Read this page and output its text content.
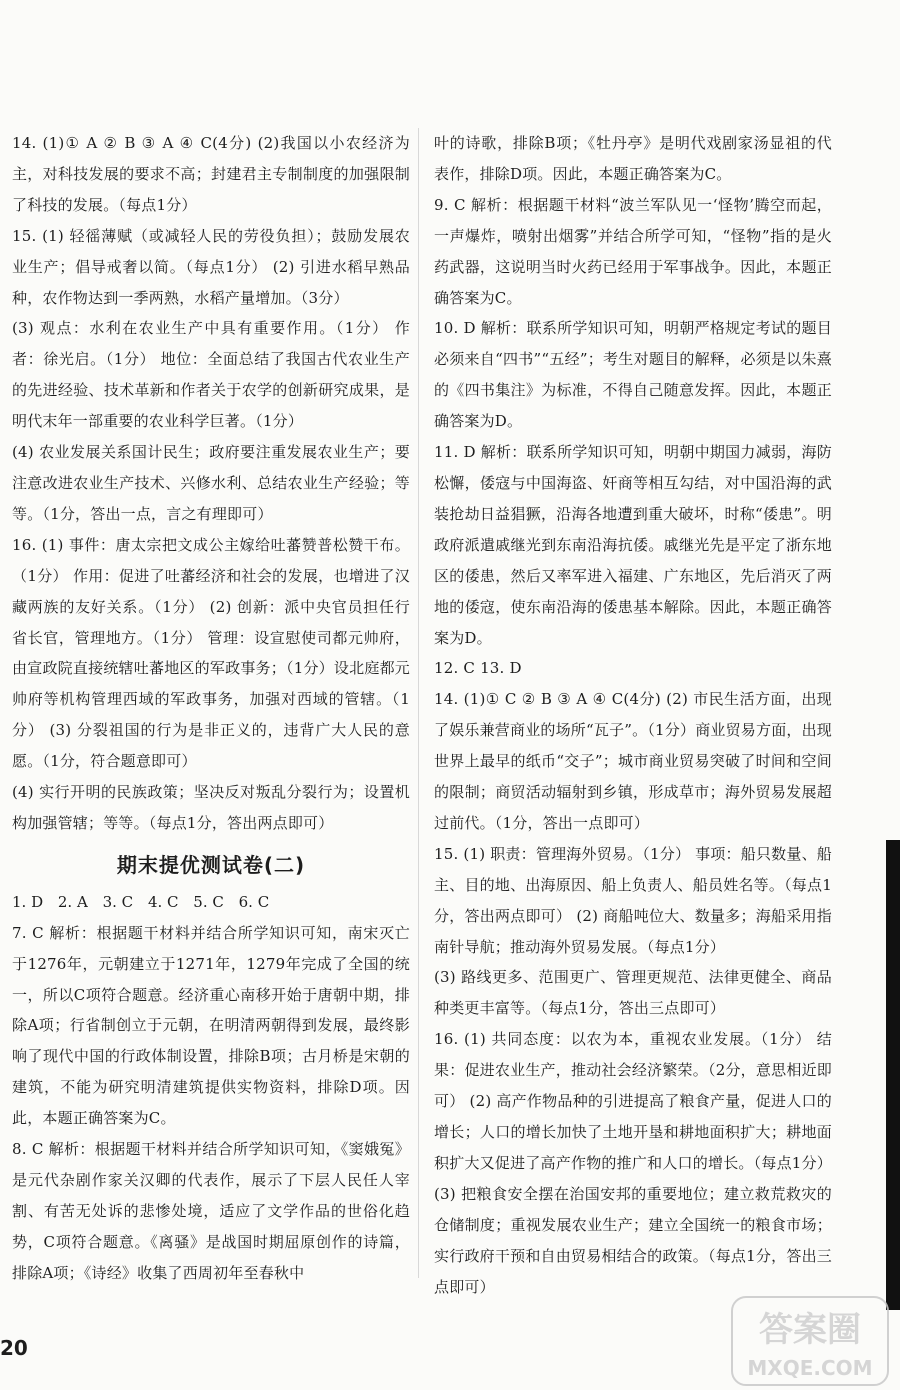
14. (1)① A ② B ③ A ④ C(4分) (2)我国以小农经济为主，对科技发展的要求不高；封建君主专制制度的加强限制了科技的发展。（每点1分）
15. (1) 轻徭薄赋（或减轻人民的劳役负担）；鼓励发展农业生产；倡导戒奢以简。（每点1分） (2) 引进水稻早熟品种，农作物达到一季两熟，水稻产量增加。（3分）
(3) 观点：水利在农业生产中具有重要作用。（1分） 作者：徐光启。（1分） 地位：全面总结了我国古代农业生产的先进经验、技术革新和作者关于农学的创新研究成果，是明代末年一部重要的农业科学巨著。（1分）
(4) 农业发展关系国计民生；政府要注重发展农业生产；要注意改进农业生产技术、兴修水利、总结农业生产经验；等等。（1分，答出一点，言之有理即可）
16. (1) 事件：唐太宗把文成公主嫁给吐蕃赞普松赞干布。（1分） 作用：促进了吐蕃经济和社会的发展，也增进了汉藏两族的友好关系。（1分） (2) 创新：派中央官员担任行省长官，管理地方。（1分） 管理：设宣慰使司都元帅府，由宣政院直接统辖吐蕃地区的军政事务；（1分）设北庭都元帅府等机构管理西域的军政事务，加强对西域的管辖。（1分） (3) 分裂祖国的行为是非正义的，违背广大人民的意愿。（1分，符合题意即可）
(4) 实行开明的民族政策；坚决反对叛乱分裂行为；设置机构加强管辖；等等。（每点1分，答出两点即可）
期末提优测试卷(二)
1. D 2. A 3. C 4. C 5. C 6. C
7. C 解析：根据题干材料并结合所学知识可知，南宋灭亡于1276年，元朝建立于1271年，1279年完成了全国的统一，所以C项符合题意。经济重心南移开始于唐朝中期，排除A项；行省制创立于元朝，在明清两朝得到发展，最终影响了现代中国的行政体制设置，排除B项；古月桥是宋朝的建筑，不能为研究明清建筑提供实物资料，排除D项。因此，本题正确答案为C。
8. C 解析：根据题干材料并结合所学知识可知，《窦娥冤》是元代杂剧作家关汉卿的代表作，展示了下层人民任人宰割、有苦无处诉的悲惨处境，适应了文学作品的世俗化趋势，C项符合题意。《离骚》是战国时期屈原创作的诗篇，排除A项；《诗经》收集了西周初年至春秋中
叶的诗歌，排除B项；《牡丹亭》是明代戏剧家汤显祖的代表作，排除D项。因此，本题正确答案为C。
9. C 解析：根据题干材料“波兰军队见一‘怪物’腾空而起，一声爆炸，喷射出烟雾”并结合所学可知，“怪物”指的是火药武器，这说明当时火药已经用于军事战争。因此，本题正确答案为C。
10. D 解析：联系所学知识可知，明朝严格规定考试的题目必须来自“四书”“五经”；考生对题目的解释，必须是以朱熹的《四书集注》为标准，不得自己随意发挥。因此，本题正确答案为D。
11. D 解析：联系所学知识可知，明朝中期国力减弱，海防松懈，倭寇与中国海盗、奸商等相互勾结，对中国沿海的武装抢劫日益猖獗，沿海各地遭到重大破坏，时称“倭患”。明政府派遣戚继光到东南沿海抗倭。戚继光先是平定了浙东地区的倭患，然后又率军进入福建、广东地区，先后消灭了两地的倭寇，使东南沿海的倭患基本解除。因此，本题正确答案为D。
12. C 13. D
14. (1)① C ② B ③ A ④ C(4分) (2) 市民生活方面，出现了娱乐兼营商业的场所“瓦子”。（1分）商业贸易方面，出现世界上最早的纸币“交子”；城市商业贸易突破了时间和空间的限制；商贸活动辐射到乡镇，形成草市；海外贸易发展超过前代。（1分，答出一点即可）
15. (1) 职责：管理海外贸易。（1分） 事项：船只数量、船主、目的地、出海原因、船上负责人、船员姓名等。（每点1分，答出两点即可） (2) 商船吨位大、数量多；海船采用指南针导航；推动海外贸易发展。（每点1分）
(3) 路线更多、范围更广、管理更规范、法律更健全、商品种类更丰富等。（每点1分，答出三点即可）
16. (1) 共同态度：以农为本，重视农业发展。（1分） 结果：促进农业生产，推动社会经济繁荣。（2分，意思相近即可） (2) 高产作物品种的引进提高了粮食产量，促进人口的增长；人口的增长加快了土地开垦和耕地面积扩大；耕地面积扩大又促进了高产作物的推广和人口的增长。（每点1分） (3) 把粮食安全摆在治国安邦的重要地位；建立救荒救灾的仓储制度；重视发展农业生产；建立全国统一的粮食市场；实行政府干预和自由贸易相结合的政策。（每点1分，答出三点即可）
20	答案圈
MXQE.COM
